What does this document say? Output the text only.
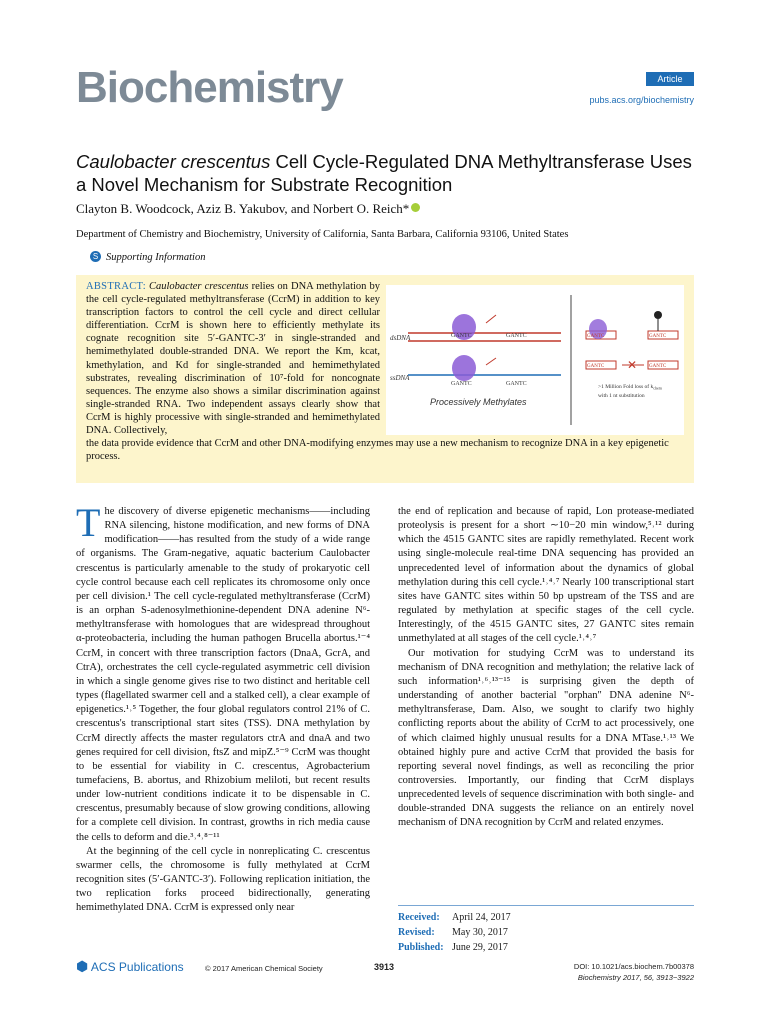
Biochemistry	Article
pubs.acs.org/biochemistry
Caulobacter crescentus Cell Cycle-Regulated DNA Methyltransferase Uses a Novel Mechanism for Substrate Recognition
Clayton B. Woodcock, Aziz B. Yakubov, and Norbert O. Reich*
Department of Chemistry and Biochemistry, University of California, Santa Barbara, California 93106, United States
S Supporting Information
ABSTRACT: Caulobacter crescentus relies on DNA methylation by the cell cycle-regulated methyltransferase (CcrM) in addition to key transcription factors to control the cell cycle and direct cellular differentiation. CcrM is shown here to efficiently methylate its cognate recognition site 5′-GANTC-3′ in single-stranded and hemimethylated double-stranded DNA. We report the Km, kcat, kmethylation, and Kd for single-stranded and hemimethylated substrates, revealing discrimination of 10⁷-fold for noncognate sequences. The enzyme also shows a similar discrimination against single-stranded RNA. Two independent assays clearly show that CcrM is highly processive with single-stranded and hemimethylated DNA. Collectively,
the data provide evidence that CcrM and other DNA-modifying enzymes may use a new mechanism to recognize DNA in a key epigenetic process.
dsDNA	GANTC	GANTC
ssDNA
GANTC	GANTC
Processively Methylates
GANTC	GANTC
GANTC ✕ GANTC
>1 Million Fold loss of $k_{chem}$
with 1 nt substitution
The discovery of diverse epigenetic mechanisms——including RNA silencing, histone modification, and new forms of DNA modification——has resulted from the study of a wide range of organisms. The Gram-negative, aquatic bacterium Caulobacter crescentus is particularly amenable to the study of prokaryotic cell cycle control because each cell replicates its chromosome only once per cell division.¹ The cell cycle-regulated methyltransferase (CcrM) is an orphan S-adenosylmethionine-dependent DNA adenine N⁶-methyltransferase with homologues that are widespread throughout α-proteobacteria, including the human pathogen Brucella abortus.¹⁻⁴ CcrM, in concert with three transcription factors (DnaA, GcrA, and CtrA), orchestrates the cell cycle-regulated asymmetric cell division in which a single genome gives rise to two distinct and heritable cell types (flagellated swarmer cell and a stalked cell), a clear example of epigenetics.¹˒⁵ Together, the four global regulators control 21% of C. crescentus's transcriptional start sites (TSS). DNA methylation by CcrM directly affects the master regulators ctrA and dnaA and two genes required for cell division, ftsZ and mipZ.⁵⁻⁹ CcrM was thought to be essential for viability in C. crescentus, Agrobacterium tumefaciens, B. abortus, and Rhizobium meliloti, but recent results under low-nutrient conditions indicate it to be dispensable in C. crescentus, presumably because of slow growing conditions, allowing for a complete cell division. In contrast, growths in rich media cause the cells to deform and die.³˒⁴˒⁸⁻¹¹
At the beginning of the cell cycle in nonreplicating C. crescentus swarmer cells, the chromosome is fully methylated at CcrM recognition sites (5′-GANTC-3′). Following replication initiation, the two replication forks proceed bidirectionally, generating hemimethylated DNA. CcrM is expressed only near
the end of replication and because of rapid, Lon protease-mediated proteolysis is present for a short ∼10−20 min window,⁵˒¹² during which the 4515 GANTC sites are rapidly remethylated. Recent work using single-molecule real-time DNA sequencing has provided an unprecedented level of information about the dynamics of global methylation during this cell cycle.¹˒⁴˒⁷ Nearly 100 transcriptional start sites have GANTC sites within 50 bp upstream of the TSS and are regulated by methylation at specific stages of the cell cycle. Interestingly, of the 4515 GANTC sites, 27 GANTC sites remain unmethylated at all stages of the cell cycle.¹˒⁴˒⁷
Our motivation for studying CcrM was to understand its mechanism of DNA recognition and methylation; the relative lack of such information¹˒⁶˒¹³⁻¹⁵ is surprising given the depth of understanding of another bacterial "orphan" DNA adenine N⁶-methyltransferase, Dam. Also, we sought to clarify two highly conflicting reports about the ability of CcrM to act processively, one of which claimed highly unusual results for a DNA MTase.¹˒¹³ We obtained highly pure and active CcrM that provided the basis for reporting several novel findings, as well as reconciling the prior controversies. Importantly, our finding that CcrM displays unprecedented levels of sequence discrimination with both single- and double-stranded DNA suggests the reliance on an entirely novel mechanism of DNA recognition by CcrM and related enzymes.
Received: April 24, 2017
Revised: May 30, 2017
Published: June 29, 2017
⬢ ACS Publications	© 2017 American Chemical Society	3913	DOI: 10.1021/acs.biochem.7b00378
Biochemistry 2017, 56, 3913−3922
